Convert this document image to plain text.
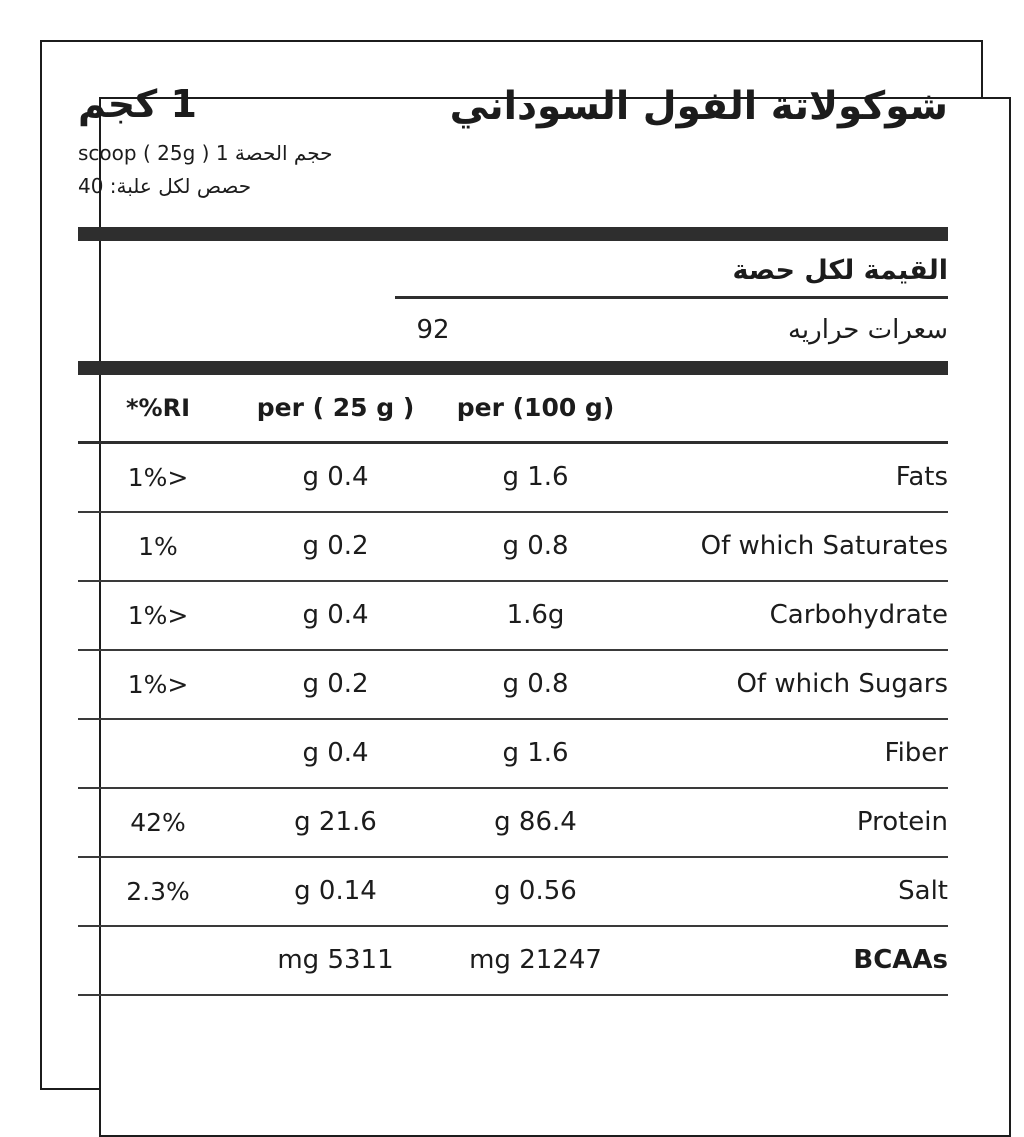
شوكولاتة الفول السوداني
1 كجم
حجم الحصة 1 ( 25g ) scoop
حصص لكل علبة: 40
القيمة لكل حصة
سعرات حراريه
92
	per (100 g)	per ( 25 g )	*%RI
Fats	g 1.6	g 0.4	1%>
Of which Saturates	g 0.8	g 0.2	1%
Carbohydrate	1.6g	g 0.4	1%>
Of which Sugars	g 0.8	g 0.2	1%>
Fiber	g 1.6	g 0.4	
Protein	g 86.4	g 21.6	42%
Salt	g 0.56	g 0.14	2.3%
BCAAs	mg 21247	mg 5311	
